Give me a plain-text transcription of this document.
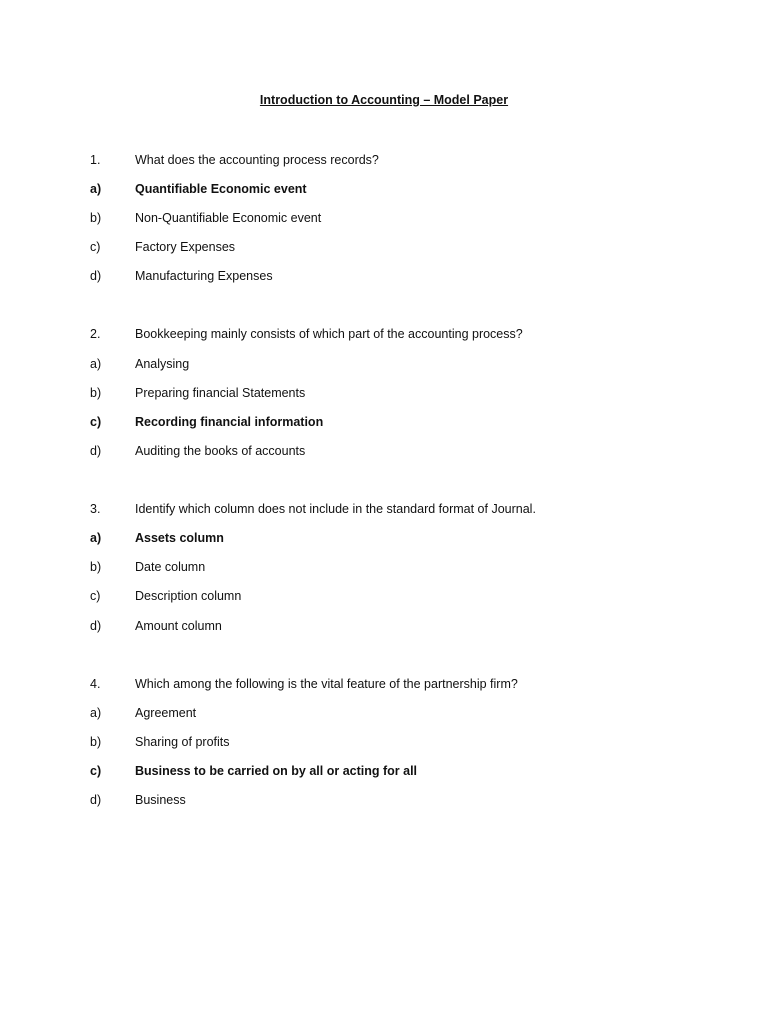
Introduction to Accounting – Model Paper
1.	What does the accounting process records?
a)	Quantifiable Economic event
b)	Non-Quantifiable Economic event
c)	Factory Expenses
d)	Manufacturing Expenses
2.	Bookkeeping mainly consists of which part of the accounting process?
a)	Analysing
b)	Preparing financial Statements
c)	Recording financial information
d)	Auditing the books of accounts
3.	Identify which column does not include in the standard format of Journal.
a)	Assets column
b)	Date column
c)	Description column
d)	Amount column
4.	Which among the following is the vital feature of the partnership firm?
a)	Agreement
b)	Sharing of profits
c)	Business to be carried on by all or acting for all
d)	Business
